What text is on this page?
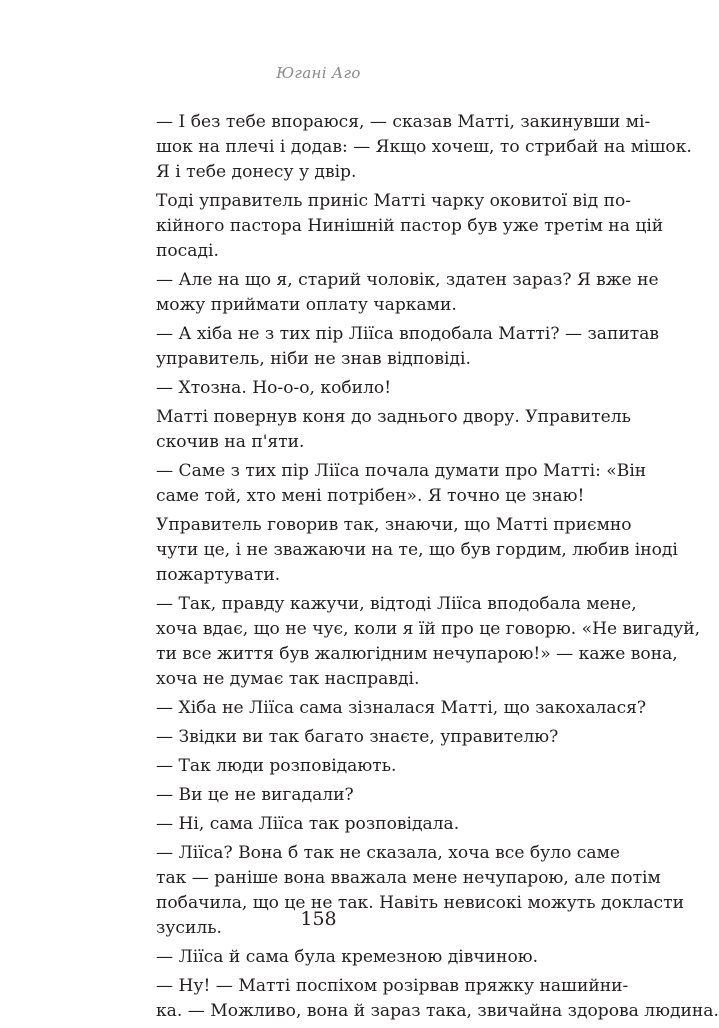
Югані Аго

— І без тебе впораюся, — сказав Матті, закинувши мі-
шок на плечі і додав: — Якщо хочеш, то стрибай на мішок.
Я і тебе донесу у двір.

Тоді управитель приніс Матті чарку оковитої від по-
кійного пастора Нинішній пастор був уже третім на цій
посаді.

— Але на що я, старий чоловік, здатен зараз? Я вже не
можу приймати оплату чарками.

— А хіба не з тих пір Ліїса вподобала Матті? — запитав
управитель, ніби не знав відповіді.

— Хтозна. Но-о-о, кобило!

Матті повернув коня до заднього двору. Управитель
скочив на п'яти.

— Саме з тих пір Ліїса почала думати про Матті: «Він
саме той, хто мені потрібен». Я точно це знаю!

Управитель говорив так, знаючи, що Матті приємно
чути це, і не зважаючи на те, що був гордим, любив іноді
пожартувати.

— Так, правду кажучи, відтоді Ліїса вподобала мене,
хоча вдає, що не чує, коли я їй про це говорю. «Не вигадуй,
ти все життя був жалюгідним нечупарою!» — каже вона,
хоча не думає так насправді.

— Хіба не Ліїса сама зізналася Матті, що закохалася?

— Звідки ви так багато знаєте, управителю?

— Так люди розповідають.

— Ви це не вигадали?

— Ні, сама Ліїса так розповідала.

— Ліїса? Вона б так не сказала, хоча все було саме
так — раніше вона вважала мене нечупарою, але потім
побачила, що це не так. Навіть невисокі можуть докласти
зусиль.

— Ліїса й сама була кремезною дівчиною.

— Ну! — Матті поспіхом розірвав пряжку нашийни-
ка. — Можливо, вона й зараз така, звичайна здорова людина.

158
